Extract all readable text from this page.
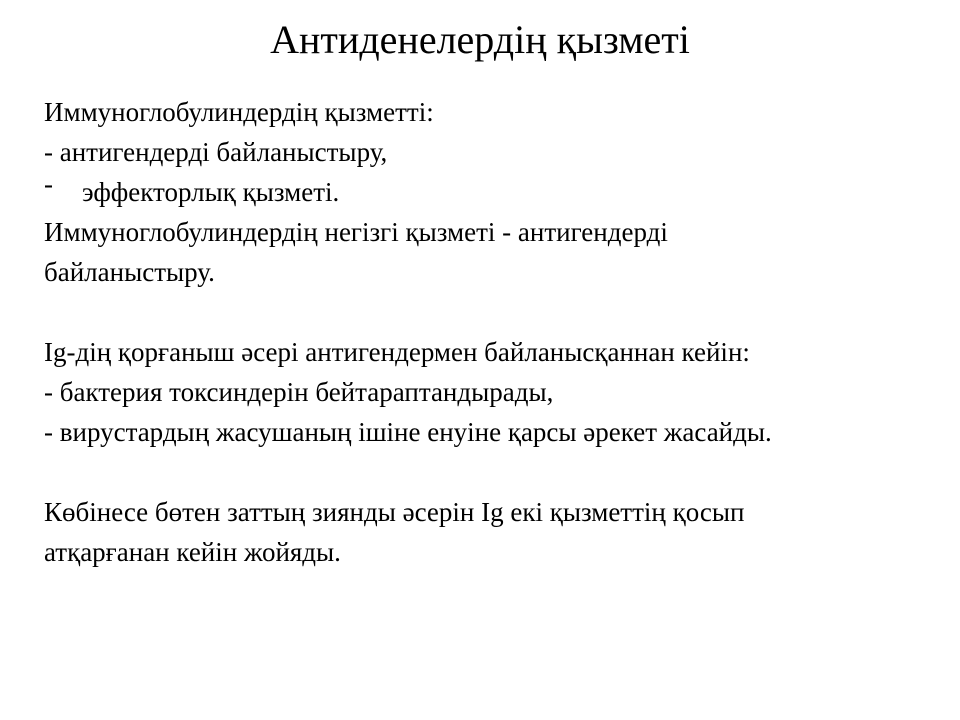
Антиденелердің қызметі

Иммуноглобулиндердің қызметті:

- антигендерді байланыстыру,

- эффекторлық қызметі.

Иммуноглобулиндердің негізгі қызметі - антигендерді

байланыстыру.

Ig-дің қорғаныш әсері антигендермен байланысқаннан кейін:

- бактерия токсиндерін бейтараптандырады,

- вирустардың жасушаның ішіне енуіне қарсы әрекет жасайды.

Көбінесе бөтен заттың зиянды әсерін Ig екі қызметтің қосып

атқарғанан кейін жойяды.
